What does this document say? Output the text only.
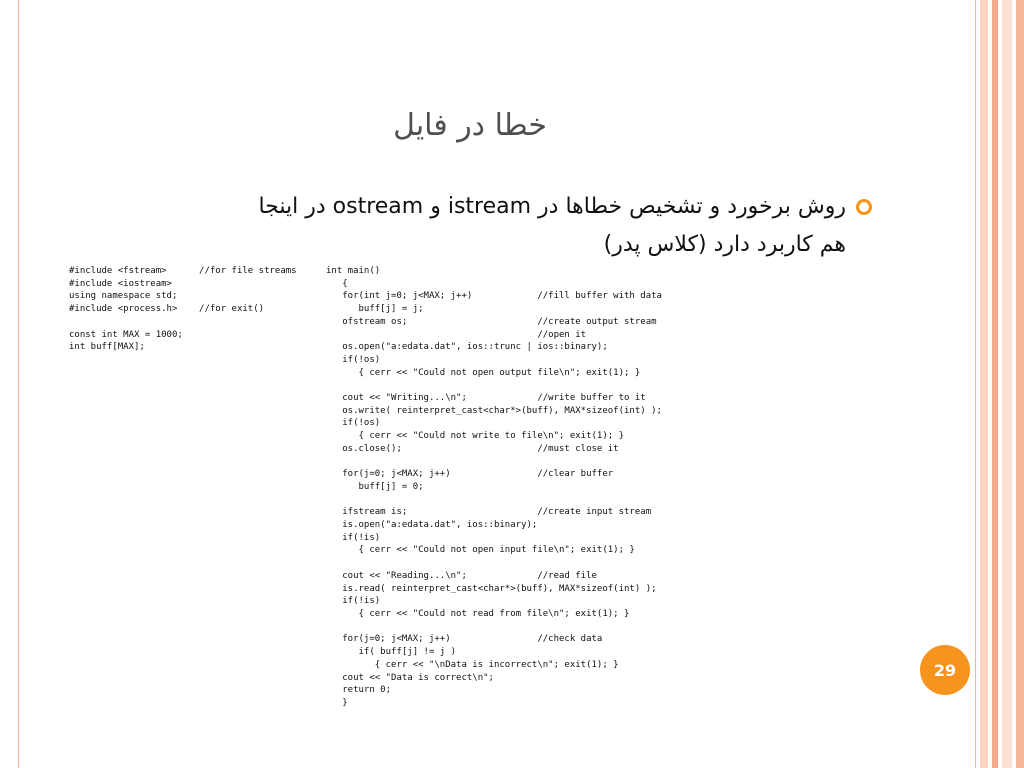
خطا در فایل
روش برخورد و تشخیص خطاها در istream و ostream در اینجا
هم کاربرد دارد (کلاس پدر)
#include <fstream>      //for file streams
#include <iostream>
using namespace std;
#include <process.h>    //for exit()

const int MAX = 1000;
int buff[MAX];
int main()
{
for(int j=0; j<MAX; j++)            //fill buffer with data
buff[j] = j;
ofstream os;                        //create output stream
//open it
os.open("a:edata.dat", ios::trunc | ios::binary);
if(!os)
{ cerr << "Could not open output file\n"; exit(1); }

cout << "Writing...\n";             //write buffer to it
os.write( reinterpret_cast<char*>(buff), MAX*sizeof(int) );
if(!os)
{ cerr << "Could not write to file\n"; exit(1); }
os.close();                         //must close it

for(j=0; j<MAX; j++)                //clear buffer
buff[j] = 0;

ifstream is;                        //create input stream
is.open("a:edata.dat", ios::binary);
if(!is)
{ cerr << "Could not open input file\n"; exit(1); }

cout << "Reading...\n";             //read file
is.read( reinterpret_cast<char*>(buff), MAX*sizeof(int) );
if(!is)
{ cerr << "Could not read from file\n"; exit(1); }

for(j=0; j<MAX; j++)                //check data
if( buff[j] != j )
{ cerr << "\nData is incorrect\n"; exit(1); }
cout << "Data is correct\n";
return 0;
}
29
